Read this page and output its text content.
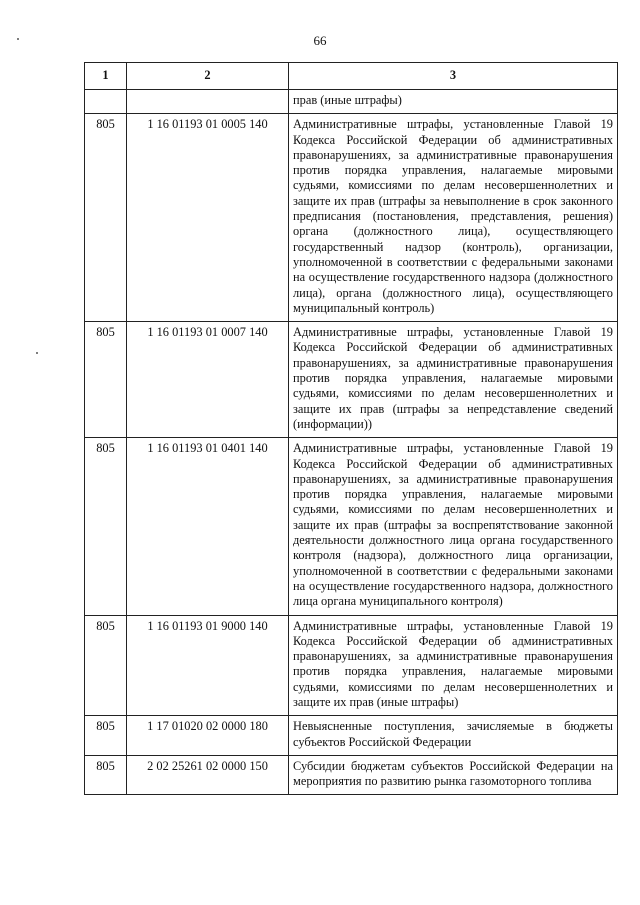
66
1	2	3
		прав (иные штрафы)
805	1 16 01193 01 0005 140	Административные штрафы, установленные Главой 19 Кодекса Российской Федерации об административных правонарушениях, за административные правонарушения против порядка управления, налагаемые мировыми судьями, комиссиями по делам несовершеннолетних и защите их прав (штрафы за невыполнение в срок законного предписания (постановления, представления, решения) органа (должностного лица), осуществляющего государственный надзор (контроль), организации, уполномоченной в соответствии с федеральными законами на осуществление государственного надзора (должностного лица), органа (должностного лица), осуществляющего муниципальный контроль)
805	1 16 01193 01 0007 140	Административные штрафы, установленные Главой 19 Кодекса Российской Федерации об административных правонарушениях, за административные правонарушения против порядка управления, налагаемые мировыми судьями, комиссиями по делам несовершеннолетних и защите их прав (штрафы за непредставление сведений (информации))
805	1 16 01193 01 0401 140	Административные штрафы, установленные Главой 19 Кодекса Российской Федерации об административных правонарушениях, за административные правонарушения против порядка управления, налагаемые мировыми судьями, комиссиями по делам несовершеннолетних и защите их прав (штрафы за воспрепятствование законной деятельности должностного лица органа государственного контроля (надзора), должностного лица организации, уполномоченной в соответствии с федеральными законами на осуществление государственного надзора, должностного лица органа муниципального контроля)
805	1 16 01193 01 9000 140	Административные штрафы, установленные Главой 19 Кодекса Российской Федерации об административных правонарушениях, за административные правонарушения против порядка управления, налагаемые мировыми судьями, комиссиями по делам несовершеннолетних и защите их прав (иные штрафы)
805	1 17 01020 02 0000 180	Невыясненные поступления, зачисляемые в бюджеты субъектов Российской Федерации
805	2 02 25261 02 0000 150	Субсидии бюджетам субъектов Российской Федерации на мероприятия по развитию рынка газомоторного топлива
